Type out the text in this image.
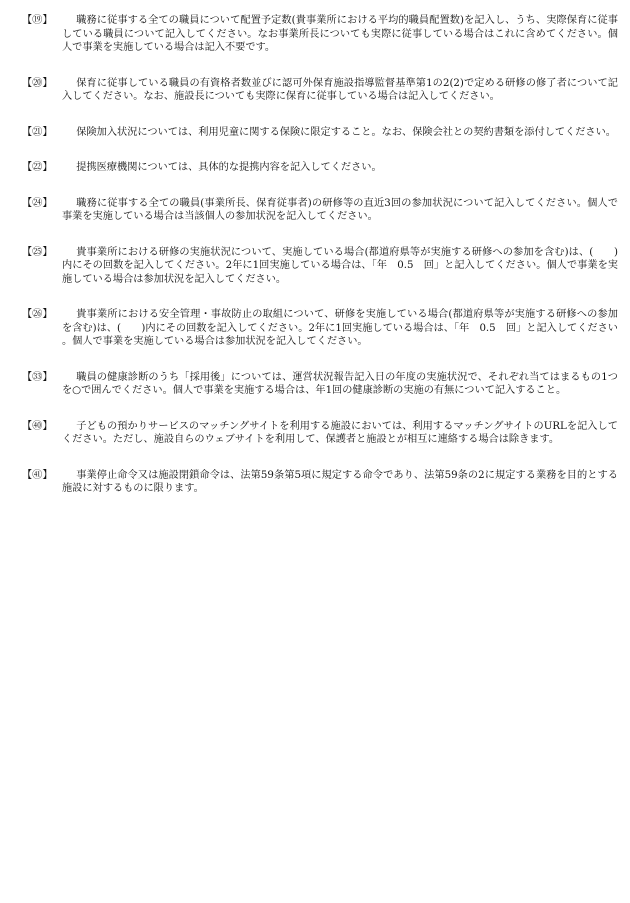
【⑲】	職務に従事する全ての職員について配置予定数(貴事業所における平均的職員配置数)を記入し、うち、実際保育に従事している職員について記入してください。なお事業所長についても実際に従事している場合はこれに含めてください。個人で事業を実施している場合は記入不要です。
【⑳】	保育に従事している職員の有資格者数並びに認可外保育施設指導監督基準第1の2(2)で定める研修の修了者について記入してください。なお、施設長についても実際に保育に従事している場合は記入してください。
【㉑】	保険加入状況については、利用児童に関する保険に限定すること。なお、保険会社との契約書類を添付してください。
【㉒】	提携医療機関については、具体的な提携内容を記入してください。
【㉔】	職務に従事する全ての職員(事業所長、保育従事者)の研修等の直近3回の参加状況について記入してください。個人で事業を実施している場合は当該個人の参加状況を記入してください。
【㉕】	貴事業所における研修の実施状況について、実施している場合(都道府県等が実施する研修への参加を含む)は、(　　)内にその回数を記入してください。2年に1回実施している場合は、「年　0.5　回」と記入してください。個人で事業を実施している場合は参加状況を記入してください。
【㉖】	貴事業所における安全管理・事故防止の取組について、研修を実施している場合(都道府県等が実施する研修への参加を含む)は、(　　)内にその回数を記入してください。2年に1回実施している場合は、「年　0.5　回」と記入してください。個人で事業を実施している場合は参加状況を記入してください。
【㉝】	職員の健康診断のうち「採用後」については、運営状況報告記入日の年度の実施状況で、それぞれ当てはまるもの1つを○で囲んでください。個人で事業を実施する場合は、年1回の健康診断の実施の有無について記入すること。
【㊵】	子どもの預かりサービスのマッチングサイトを利用する施設においては、利用するマッチングサイトのURLを記入してください。ただし、施設自らのウェブサイトを利用して、保護者と施設とが相互に連絡する場合は除きます。
【㊶】	事業停止命令又は施設閉鎖命令は、法第59条第5項に規定する命令であり、法第59条の2に規定する業務を目的とする施設に対するものに限ります。
